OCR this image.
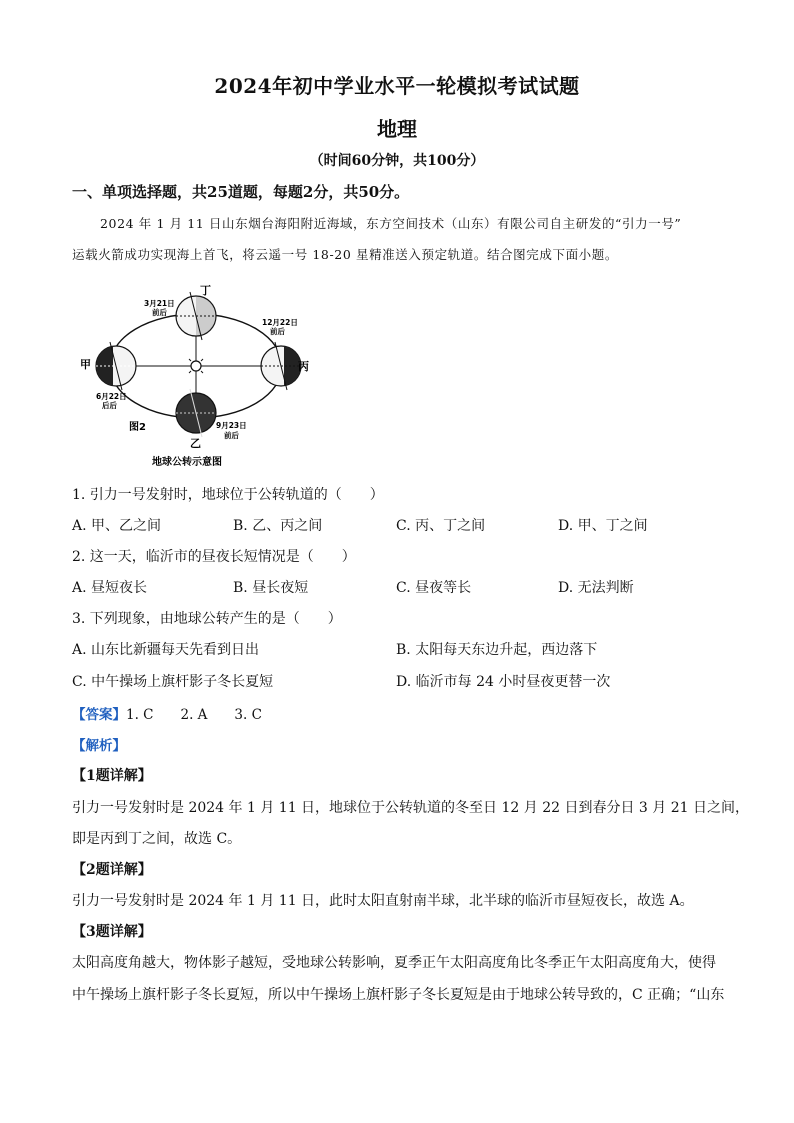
2024年初中学业水平一轮模拟考试试题
地理
（时间60分钟，共100分）
一、单项选择题，共25道题，每题2分，共50分。
2024 年 1 月 11 日山东烟台海阳附近海域，东方空间技术（山东）有限公司自主研发的“引力一号”
运载火箭成功实现海上首飞，将云遥一号 18-20 星精准送入预定轨道。结合图完成下面小题。
丁
3月21日
前后
12月22日
前后
丙
甲
6月22日
后后
9月23日
前后
乙
图2
地球公转示意图
1. 引力一号发射时，地球位于公转轨道的（　　）
A. 甲、乙之间	B. 乙、丙之间	C. 丙、丁之间	D. 甲、丁之间
2. 这一天，临沂市的昼夜长短情况是（　　）
A. 昼短夜长	B. 昼长夜短	C. 昼夜等长	D. 无法判断
3. 下列现象，由地球公转产生的是（　　）
A. 山东比新疆每天先看到日出	B. 太阳每天东边升起，西边落下
C. 中午操场上旗杆影子冬长夏短	D. 临沂市每 24 小时昼夜更替一次
【答案】1. C　　2. A　　3. C
【解析】
【1题详解】
引力一号发射时是 2024 年 1 月 11 日，地球位于公转轨道的冬至日 12 月 22 日到春分日 3 月 21 日之间，
即是丙到丁之间，故选 C。
【2题详解】
引力一号发射时是 2024 年 1 月 11 日，此时太阳直射南半球，北半球的临沂市昼短夜长，故选 A。
【3题详解】
太阳高度角越大，物体影子越短，受地球公转影响，夏季正午太阳高度角比冬季正午太阳高度角大，使得
中午操场上旗杆影子冬长夏短，所以中午操场上旗杆影子冬长夏短是由于地球公转导致的，C 正确；“山东
